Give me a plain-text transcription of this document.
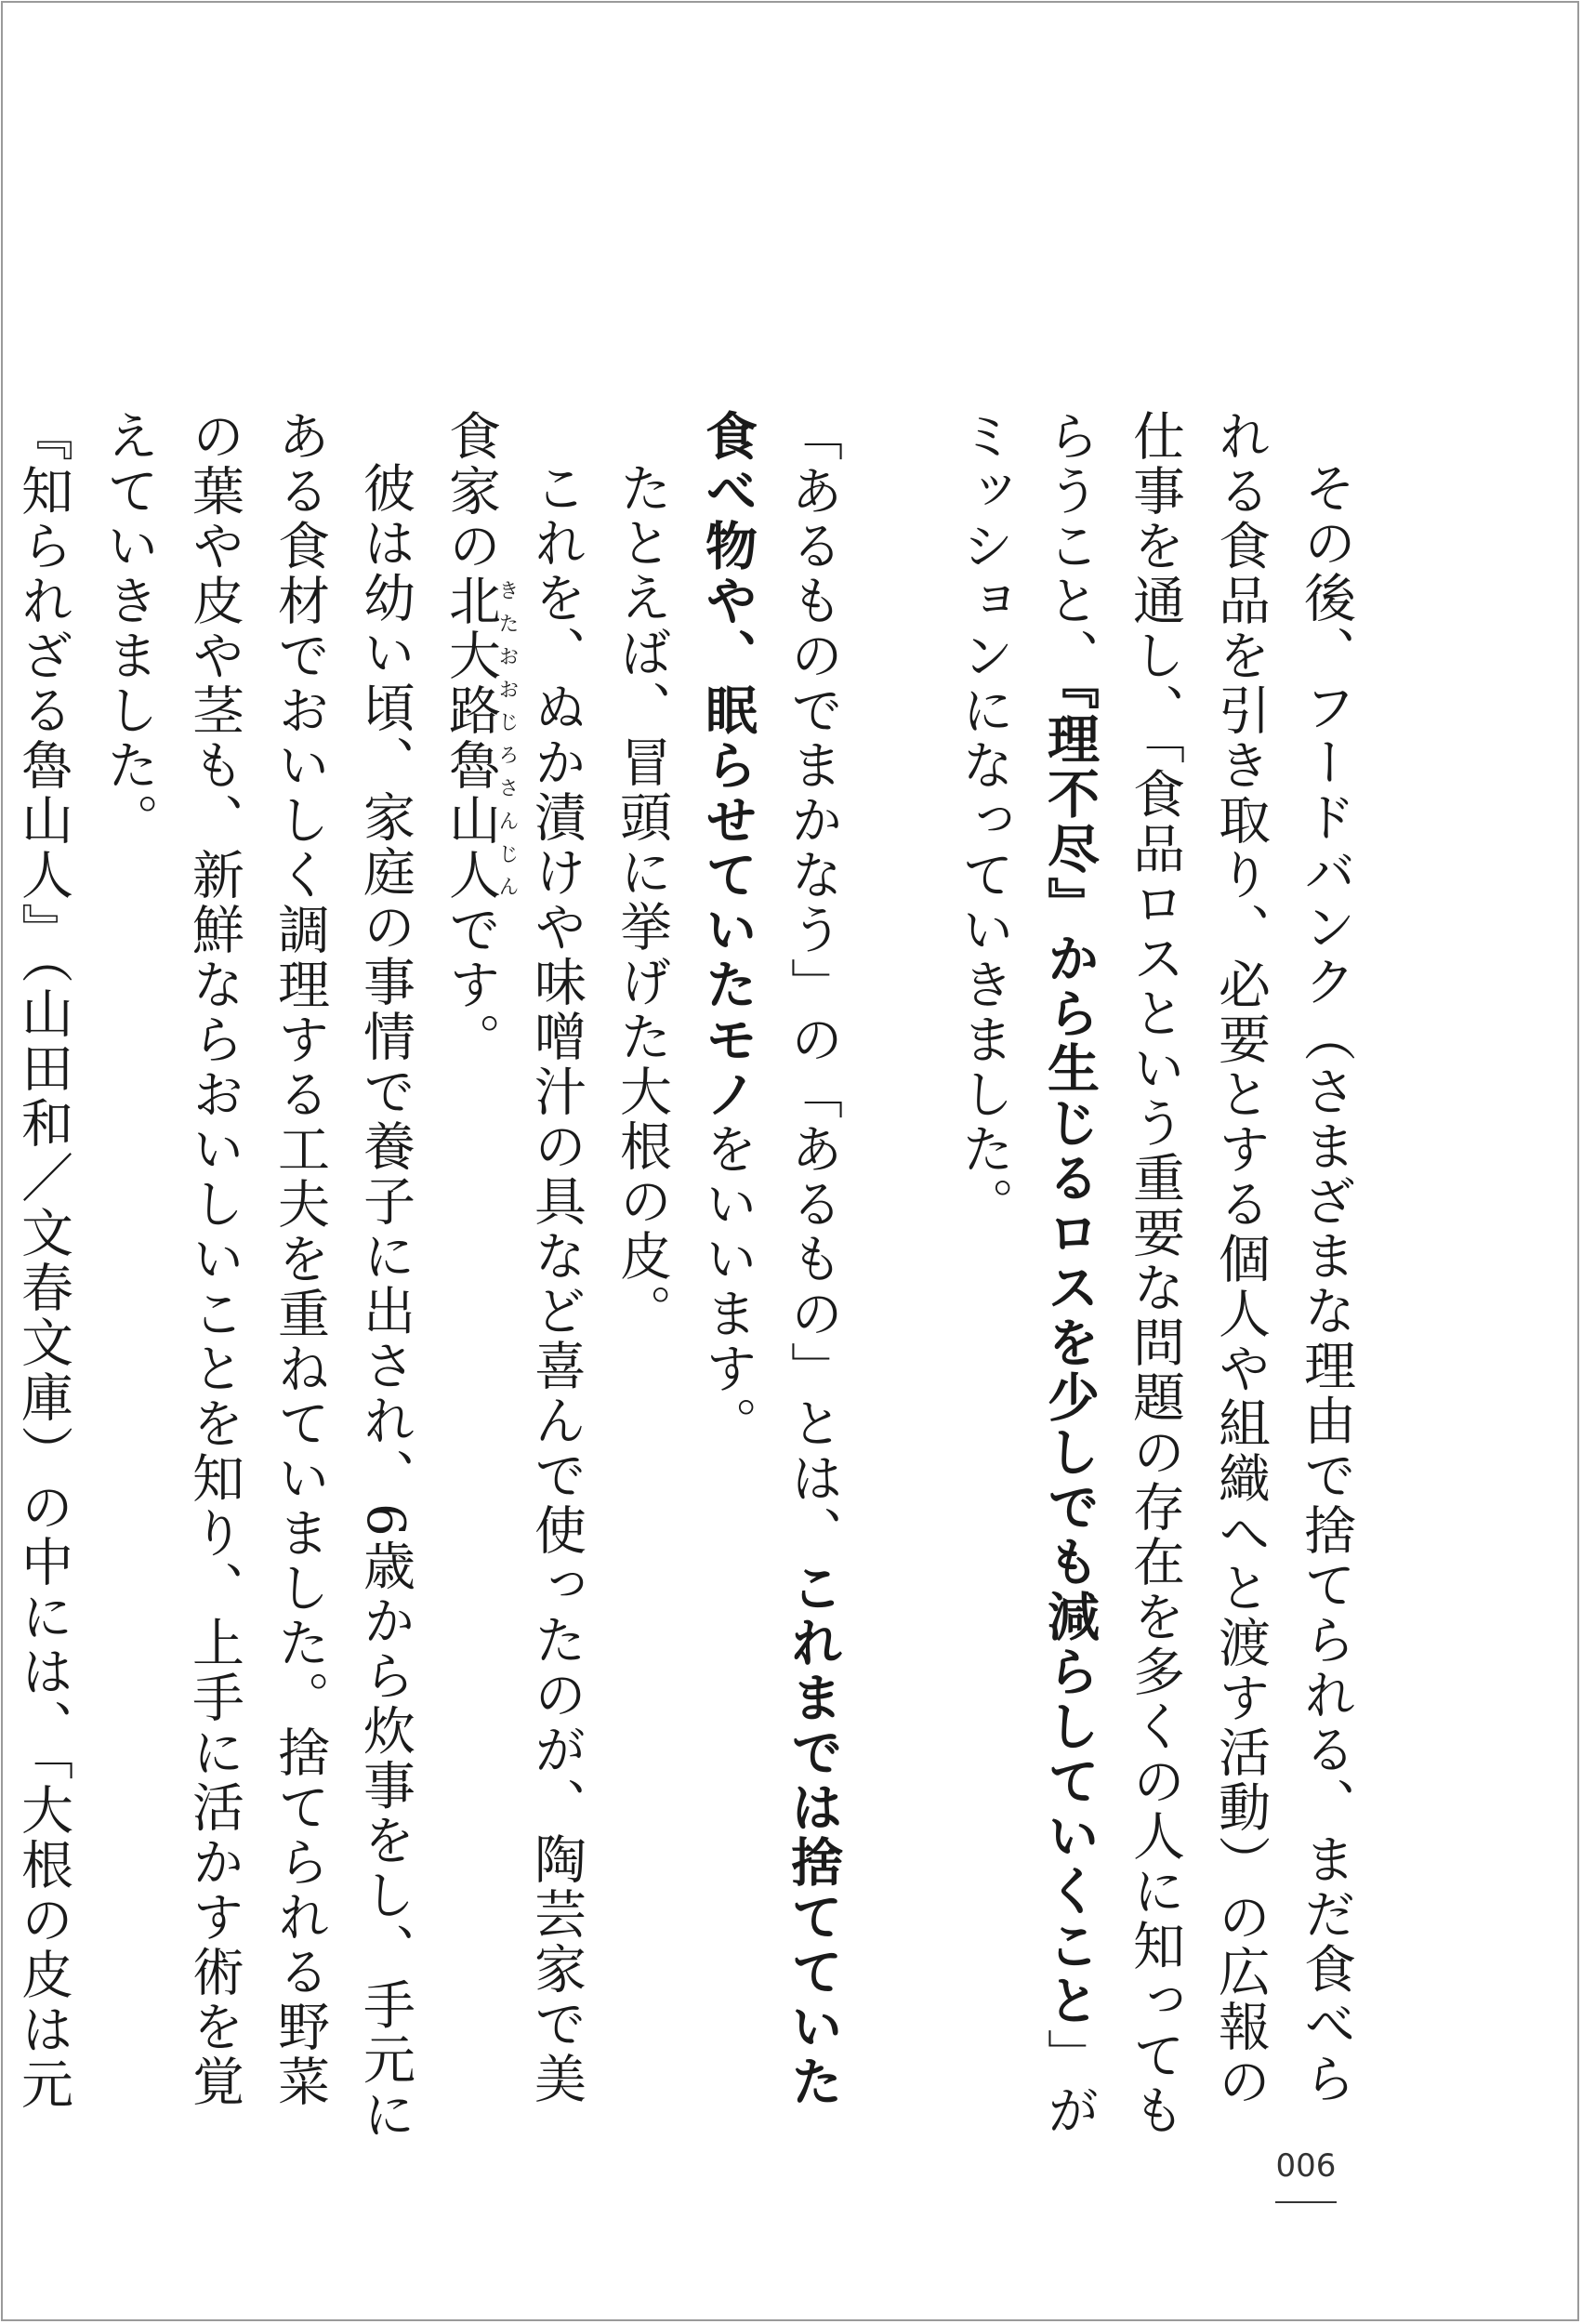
その後、フードバンク（さまざまな理由で捨てられる、まだ食べられる食品を引き取り、必要とする個人や組織へと渡す活動）の広報の仕事を通し、「食品ロスという重要な問題の存在を多くの人に知ってもらうこと、『理不尽』から生じるロスを少しでも減らしていくこと」がミッションになっていきました。

「あるものでまかなう」の「あるもの」とは、これまでは捨てていた食べ物や、眠らせていたモノをいいます。

たとえば、冒頭に挙げた大根の皮。

これを、ぬか漬けや味噌汁の具など喜んで使ったのが、陶芸家で美食家の北大路魯山人きたおおじろさんじんです。

彼は幼い頃、家庭の事情で養子に出され、6歳から炊事をし、手元にある食材でおいしく調理する工夫を重ねていました。捨てられる野菜の葉や皮や茎も、新鮮ならおいしいことを知り、上手に活かす術を覚えていきました。

『知られざる魯山人』（山田和／文春文庫）の中には、「大根の皮は元

006
